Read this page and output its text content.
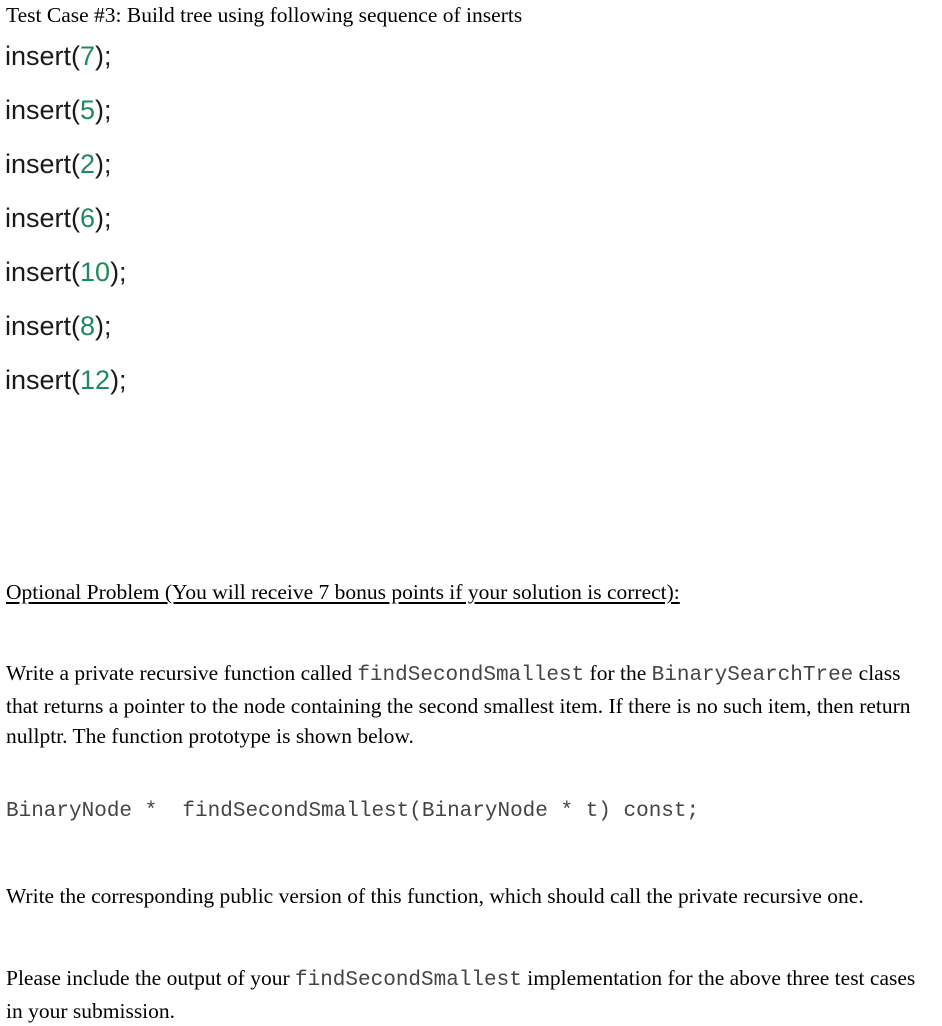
Test Case #3: Build tree using following sequence of inserts
insert(7);
insert(5);
insert(2);
insert(6);
insert(10);
insert(8);
insert(12);
Optional Problem (You will receive 7 bonus points if your solution is correct):

Write a private recursive function called findSecondSmallest for the BinarySearchTree class that returns a pointer to the node containing the second smallest item. If there is no such item, then return nullptr. The function prototype is shown below.

BinaryNode *  findSecondSmallest(BinaryNode * t) const;

Write the corresponding public version of this function, which should call the private recursive one.

Please include the output of your findSecondSmallest implementation for the above three test cases in your submission.
